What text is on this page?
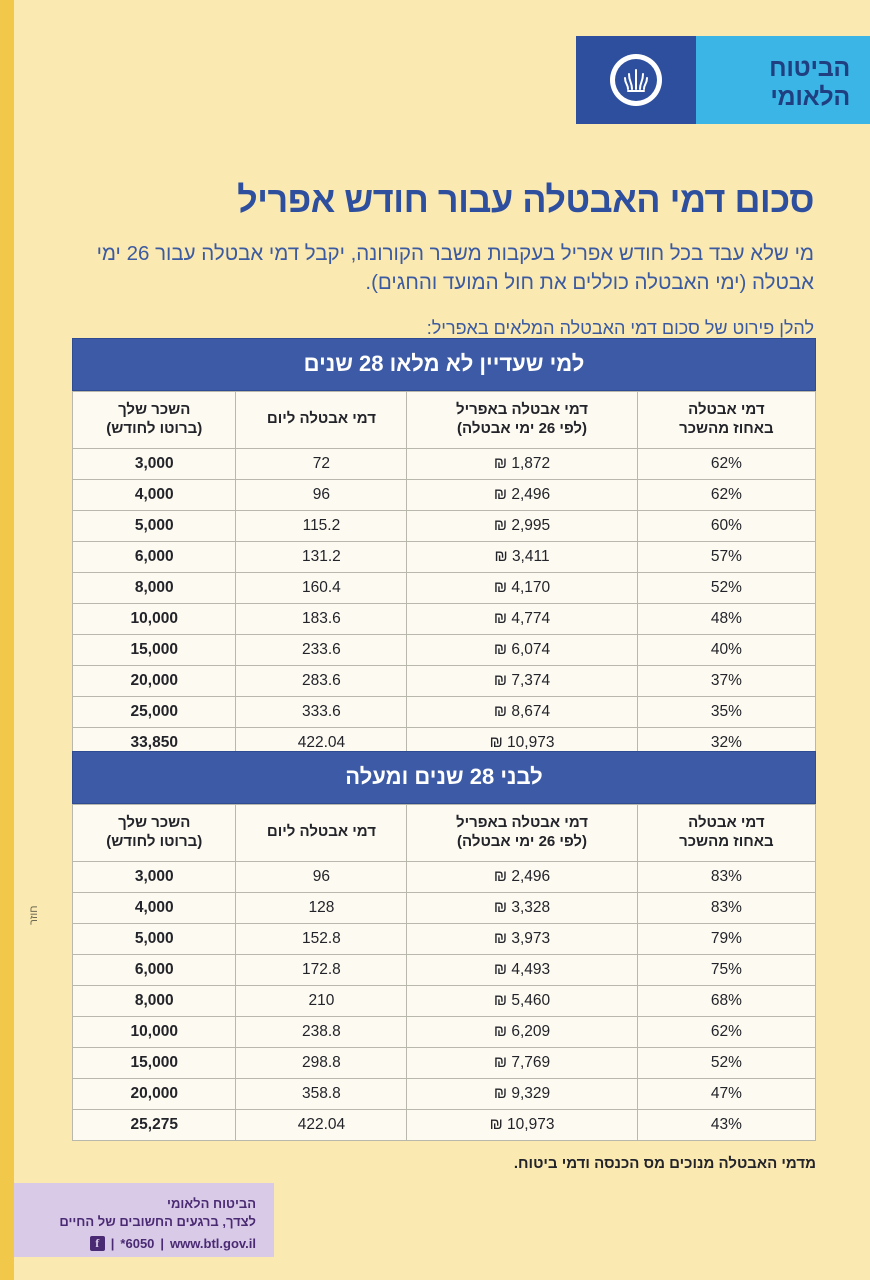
הביטוח
הלאומי
סכום דמי האבטלה עבור חודש אפריל

מי שלא עבד בכל חודש אפריל בעקבות משבר הקורונה, יקבל דמי אבטלה עבור 26 ימי אבטלה (ימי האבטלה כוללים את חול המועד והחגים).

להלן פירוט של סכום דמי האבטלה המלאים באפריל:

למי שעדיין לא מלאו 28 שנים
דמי אבטלה
באחוז מהשכר

דמי אבטלה באפריל
(לפי 26 ימי אבטלה)

דמי אבטלה ליום

השכר שלך
(ברוטו לחודש)

62%	1,872 ₪	72	3,000
62%	2,496 ₪	96	4,000
60%	2,995 ₪	115.2	5,000
57%	3,411 ₪	131.2	6,000
52%	4,170 ₪	160.4	8,000
48%	4,774 ₪	183.6	10,000
40%	6,074 ₪	233.6	15,000
37%	7,374 ₪	283.6	20,000
35%	8,674 ₪	333.6	25,000
32%	10,973 ₪	422.04	33,850
לבני 28 שנים ומעלה
דמי אבטלה
באחוז מהשכר

דמי אבטלה באפריל
(לפי 26 ימי אבטלה)

דמי אבטלה ליום

השכר שלך
(ברוטו לחודש)

83%	2,496 ₪	96	3,000
83%	3,328 ₪	128	4,000
79%	3,973 ₪	152.8	5,000
75%	4,493 ₪	172.8	6,000
68%	5,460 ₪	210	8,000
62%	6,209 ₪	238.8	10,000
52%	7,769 ₪	298.8	15,000
47%	9,329 ₪	358.8	20,000
43%	10,973 ₪	422.04	25,275
מדמי האבטלה מנוכים מס הכנסה ודמי ביטוח.
חוזר
הביטוח הלאומי
לצדך, ברגעים החשובים של החיים
f | *6050 | www.btl.gov.il
